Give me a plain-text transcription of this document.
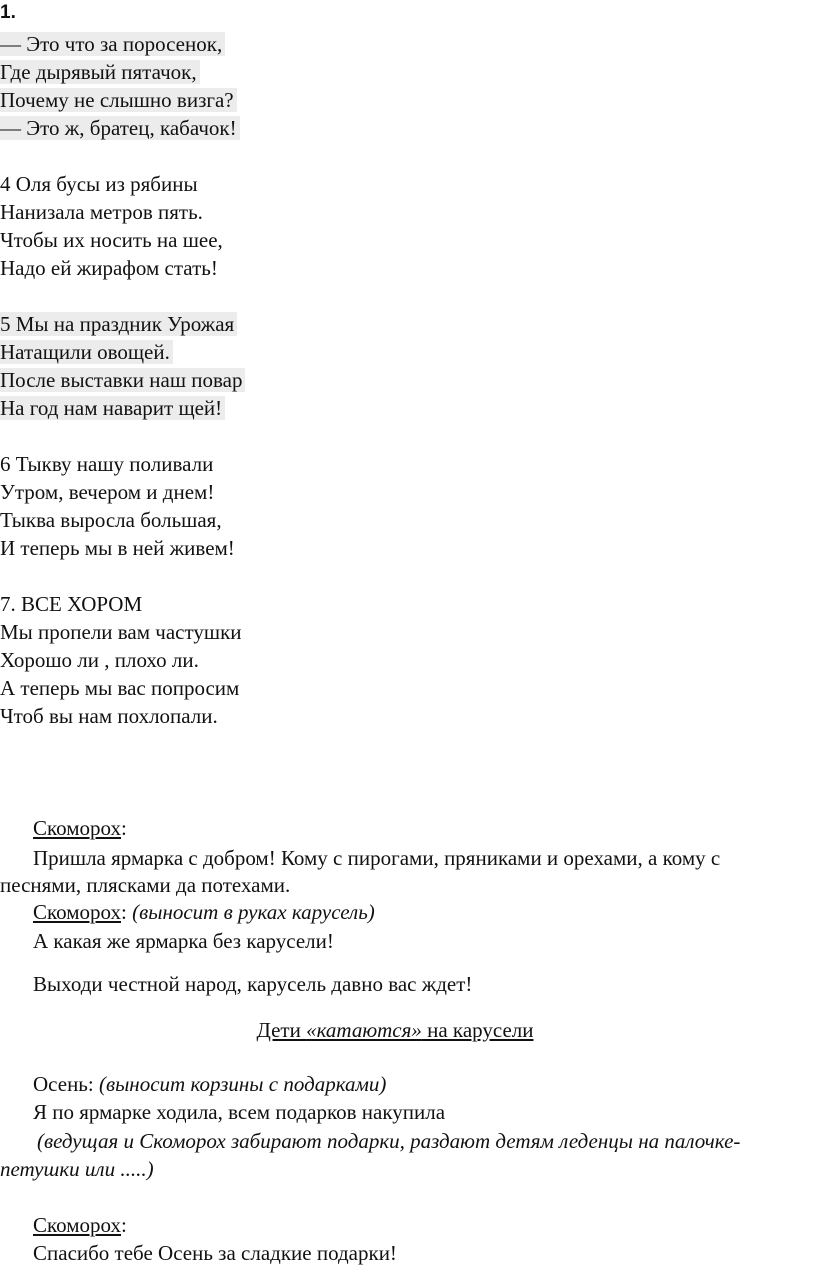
1.
— Это что за поросенок,
Где дырявый пятачок,
Почему не слышно визга?
— Это ж, братец, кабачок!
4 Оля бусы из рябины
Нанизала метров пять.
Чтобы их носить на шее,
Надо ей жирафом стать!
5 Мы на праздник Урожая
Натащили овощей.
После выставки наш повар
На год нам наварит щей!
6 Тыкву нашу поливали
Утром, вечером и днем!
Тыква выросла большая,
И теперь мы в ней живем!
7. ВСЕ ХОРОМ
Мы пропели вам частушки
Хорошо ли , плохо ли.
А теперь мы вас попросим
Чтоб вы нам похлопали.
Скоморох:
Пришла ярмарка с добром! Кому с пирогами, пряниками и орехами, а кому с песнями, плясками да потехами.
Скоморох: (выносит в руках карусель)
А какая же ярмарка без карусели!
Выходи честной народ, карусель давно вас ждет!
Дети «катаются» на карусели
Осень: (выносит корзины с подарками)
Я по ярмарке ходила, всем подарков накупила
(ведущая и Скоморох забирают подарки, раздают детям леденцы на палочке-петушки или .....)
Скоморох:
Спасибо тебе Осень за сладкие подарки!
